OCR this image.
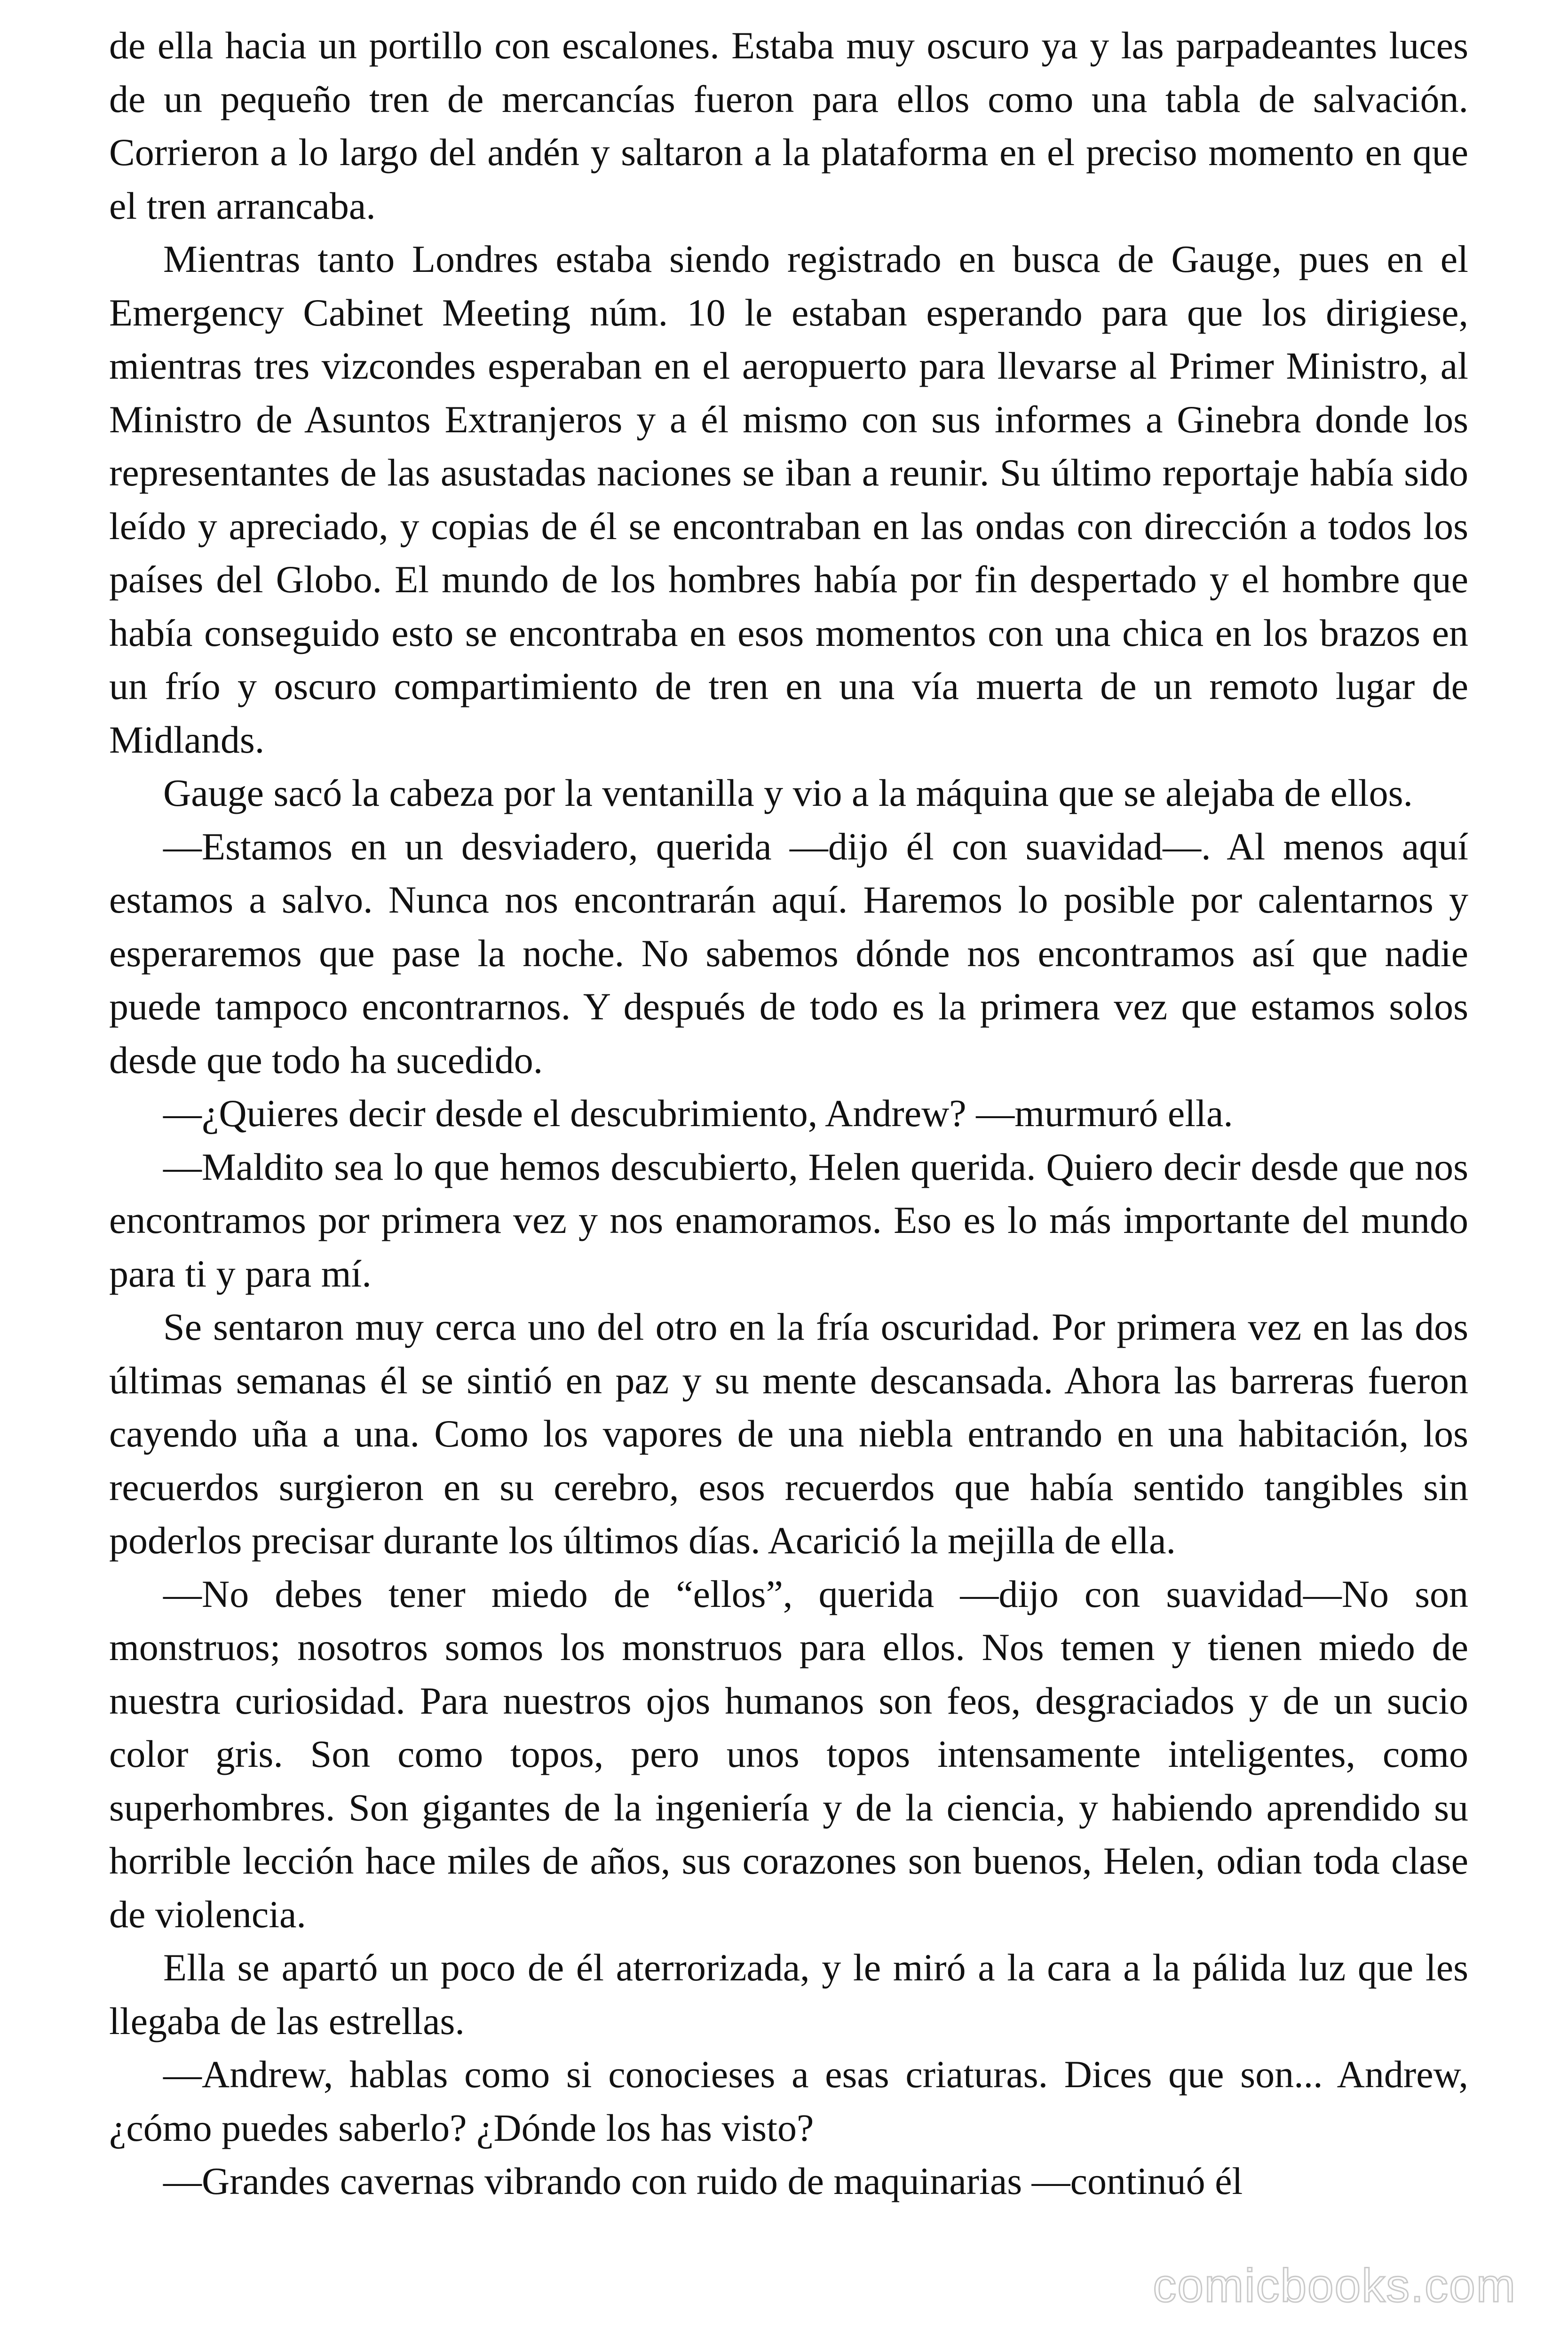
de ella hacia un portillo con escalones. Estaba muy oscuro ya y las parpadeantes luces de un pequeño tren de mercancías fueron para ellos como una tabla de salvación. Corrieron a lo largo del andén y saltaron a la plataforma en el preciso momento en que el tren arrancaba.

Mientras tanto Londres estaba siendo registrado en busca de Gauge, pues en el Emergency Cabinet Meeting núm. 10 le estaban esperando para que los dirigiese, mientras tres vizcondes esperaban en el aeropuerto para llevarse al Primer Ministro, al Ministro de Asuntos Extranjeros y a él mismo con sus informes a Ginebra donde los representantes de las asustadas naciones se iban a reunir. Su último reportaje había sido leído y apreciado, y copias de él se encontraban en las ondas con dirección a todos los países del Globo. El mundo de los hombres había por fin despertado y el hombre que había conseguido esto se encontraba en esos momentos con una chica en los brazos en un frío y oscuro compartimiento de tren en una vía muerta de un remoto lugar de Midlands.

Gauge sacó la cabeza por la ventanilla y vio a la máquina que se alejaba de ellos.

—Estamos en un desviadero, querida —dijo él con suavidad—. Al menos aquí estamos a salvo. Nunca nos encontrarán aquí. Haremos lo posible por calentarnos y esperaremos que pase la noche. No sabemos dónde nos encontramos así que nadie puede tampoco encontrarnos. Y después de todo es la primera vez que estamos solos desde que todo ha sucedido.

—¿Quieres decir desde el descubrimiento, Andrew? —murmuró ella.

—Maldito sea lo que hemos descubierto, Helen querida. Quiero decir desde que nos encontramos por primera vez y nos enamoramos. Eso es lo más importante del mundo para ti y para mí.

Se sentaron muy cerca uno del otro en la fría oscuridad. Por primera vez en las dos últimas semanas él se sintió en paz y su mente descansada. Ahora las barreras fueron cayendo uña a una. Como los vapores de una niebla entrando en una habitación, los recuerdos surgieron en su cerebro, esos recuerdos que había sentido tangibles sin poderlos precisar durante los últimos días. Acarició la mejilla de ella.

—No debes tener miedo de “ellos”, querida —dijo con suavidad—No son monstruos; nosotros somos los monstruos para ellos. Nos temen y tienen miedo de nuestra curiosidad. Para nuestros ojos humanos son feos, desgraciados y de un sucio color gris. Son como topos, pero unos topos intensamente inteligentes, como superhombres. Son gigantes de la ingeniería y de la ciencia, y habiendo aprendido su horrible lección hace miles de años, sus corazones son buenos, Helen, odian toda clase de violencia.

Ella se apartó un poco de él aterrorizada, y le miró a la cara a la pálida luz que les llegaba de las estrellas.

—Andrew, hablas como si conocieses a esas criaturas. Dices que son... Andrew, ¿cómo puedes saberlo? ¿Dónde los has visto?

—Grandes cavernas vibrando con ruido de maquinarias —continuó él

comicbooks.com
